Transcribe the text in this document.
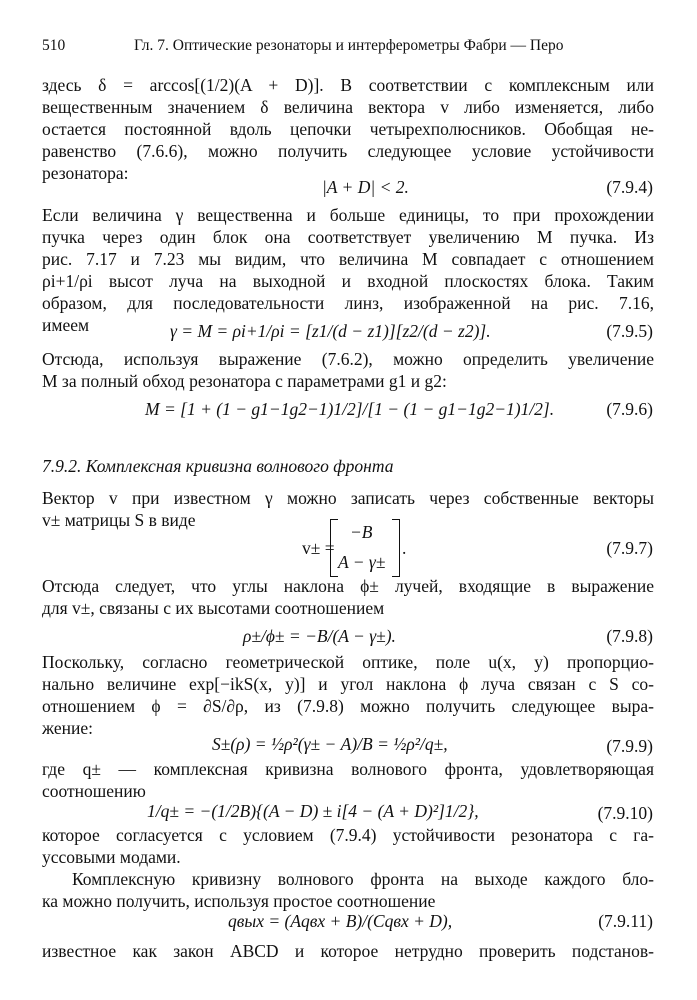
510	Гл. 7. Оптические резонаторы и интерферометры Фабри — Перо
здесь δ = arccos[(1/2)(A + D)]. В соответствии с комплексным или
вещественным значением δ величина вектора v либо изменяется, либо
остается постоянной вдоль цепочки четырехполюсников. Обобщая не-
равенство (7.6.6), можно получить следующее условие устойчивости
резонатора:
|A + D| < 2.	(7.9.4)
Если величина γ вещественна и больше единицы, то при прохождении
пучка через один блок она соответствует увеличению M пучка. Из
рис. 7.17 и 7.23 мы видим, что величина M совпадает с отношением
ρi+1/ρi высот луча на выходной и входной плоскостях блока. Таким
образом, для последовательности линз, изображенной на рис. 7.16,
имеем	γ = M = ρi+1/ρi = [z1/(d − z1)][z2/(d − z2)].	(7.9.5)
Отсюда, используя выражение (7.6.2), можно определить увеличение
M за полный обход резонатора с параметрами g1 и g2:
M = [1 + (1 − g1−1g2−1)1/2]/[1 − (1 − g1−1g2−1)1/2].	(7.9.6)
7.9.2. Комплексная кривизна волнового фронта
Вектор v при известном γ можно записать через собственные векторы
v± матрицы S в виде
v± =
−B
A − γ±
.	(7.9.7)
Отсюда следует, что углы наклона ϕ± лучей, входящие в выражение
для v±, связаны с их высотами соотношением
ρ±/ϕ± = −B/(A − γ±).	(7.9.8)
Поскольку, согласно геометрической оптике, поле u(x, y) пропорцио-
нально величине exp[−ikS(x, y)] и угол наклона ϕ луча связан с S со-
отношением ϕ = ∂S/∂ρ, из (7.9.8) можно получить следующее выра-
жение:
S±(ρ) = ½ρ²(γ± − A)/B = ½ρ²/q±,	(7.9.9)
где q± — комплексная кривизна волнового фронта, удовлетворяющая
соотношению
1/q± = −(1/2B){(A − D) ± i[4 − (A + D)²]1/2},	(7.9.10)
которое согласуется с условием (7.9.4) устойчивости резонатора с га-
уссовыми модами.
Комплексную кривизну волнового фронта на выходе каждого бло-
ка можно получить, используя простое соотношение
qвых = (Aqвх + B)/(Cqвх + D),	(7.9.11)
известное как закон ABCD и которое нетрудно проверить подстанов-
